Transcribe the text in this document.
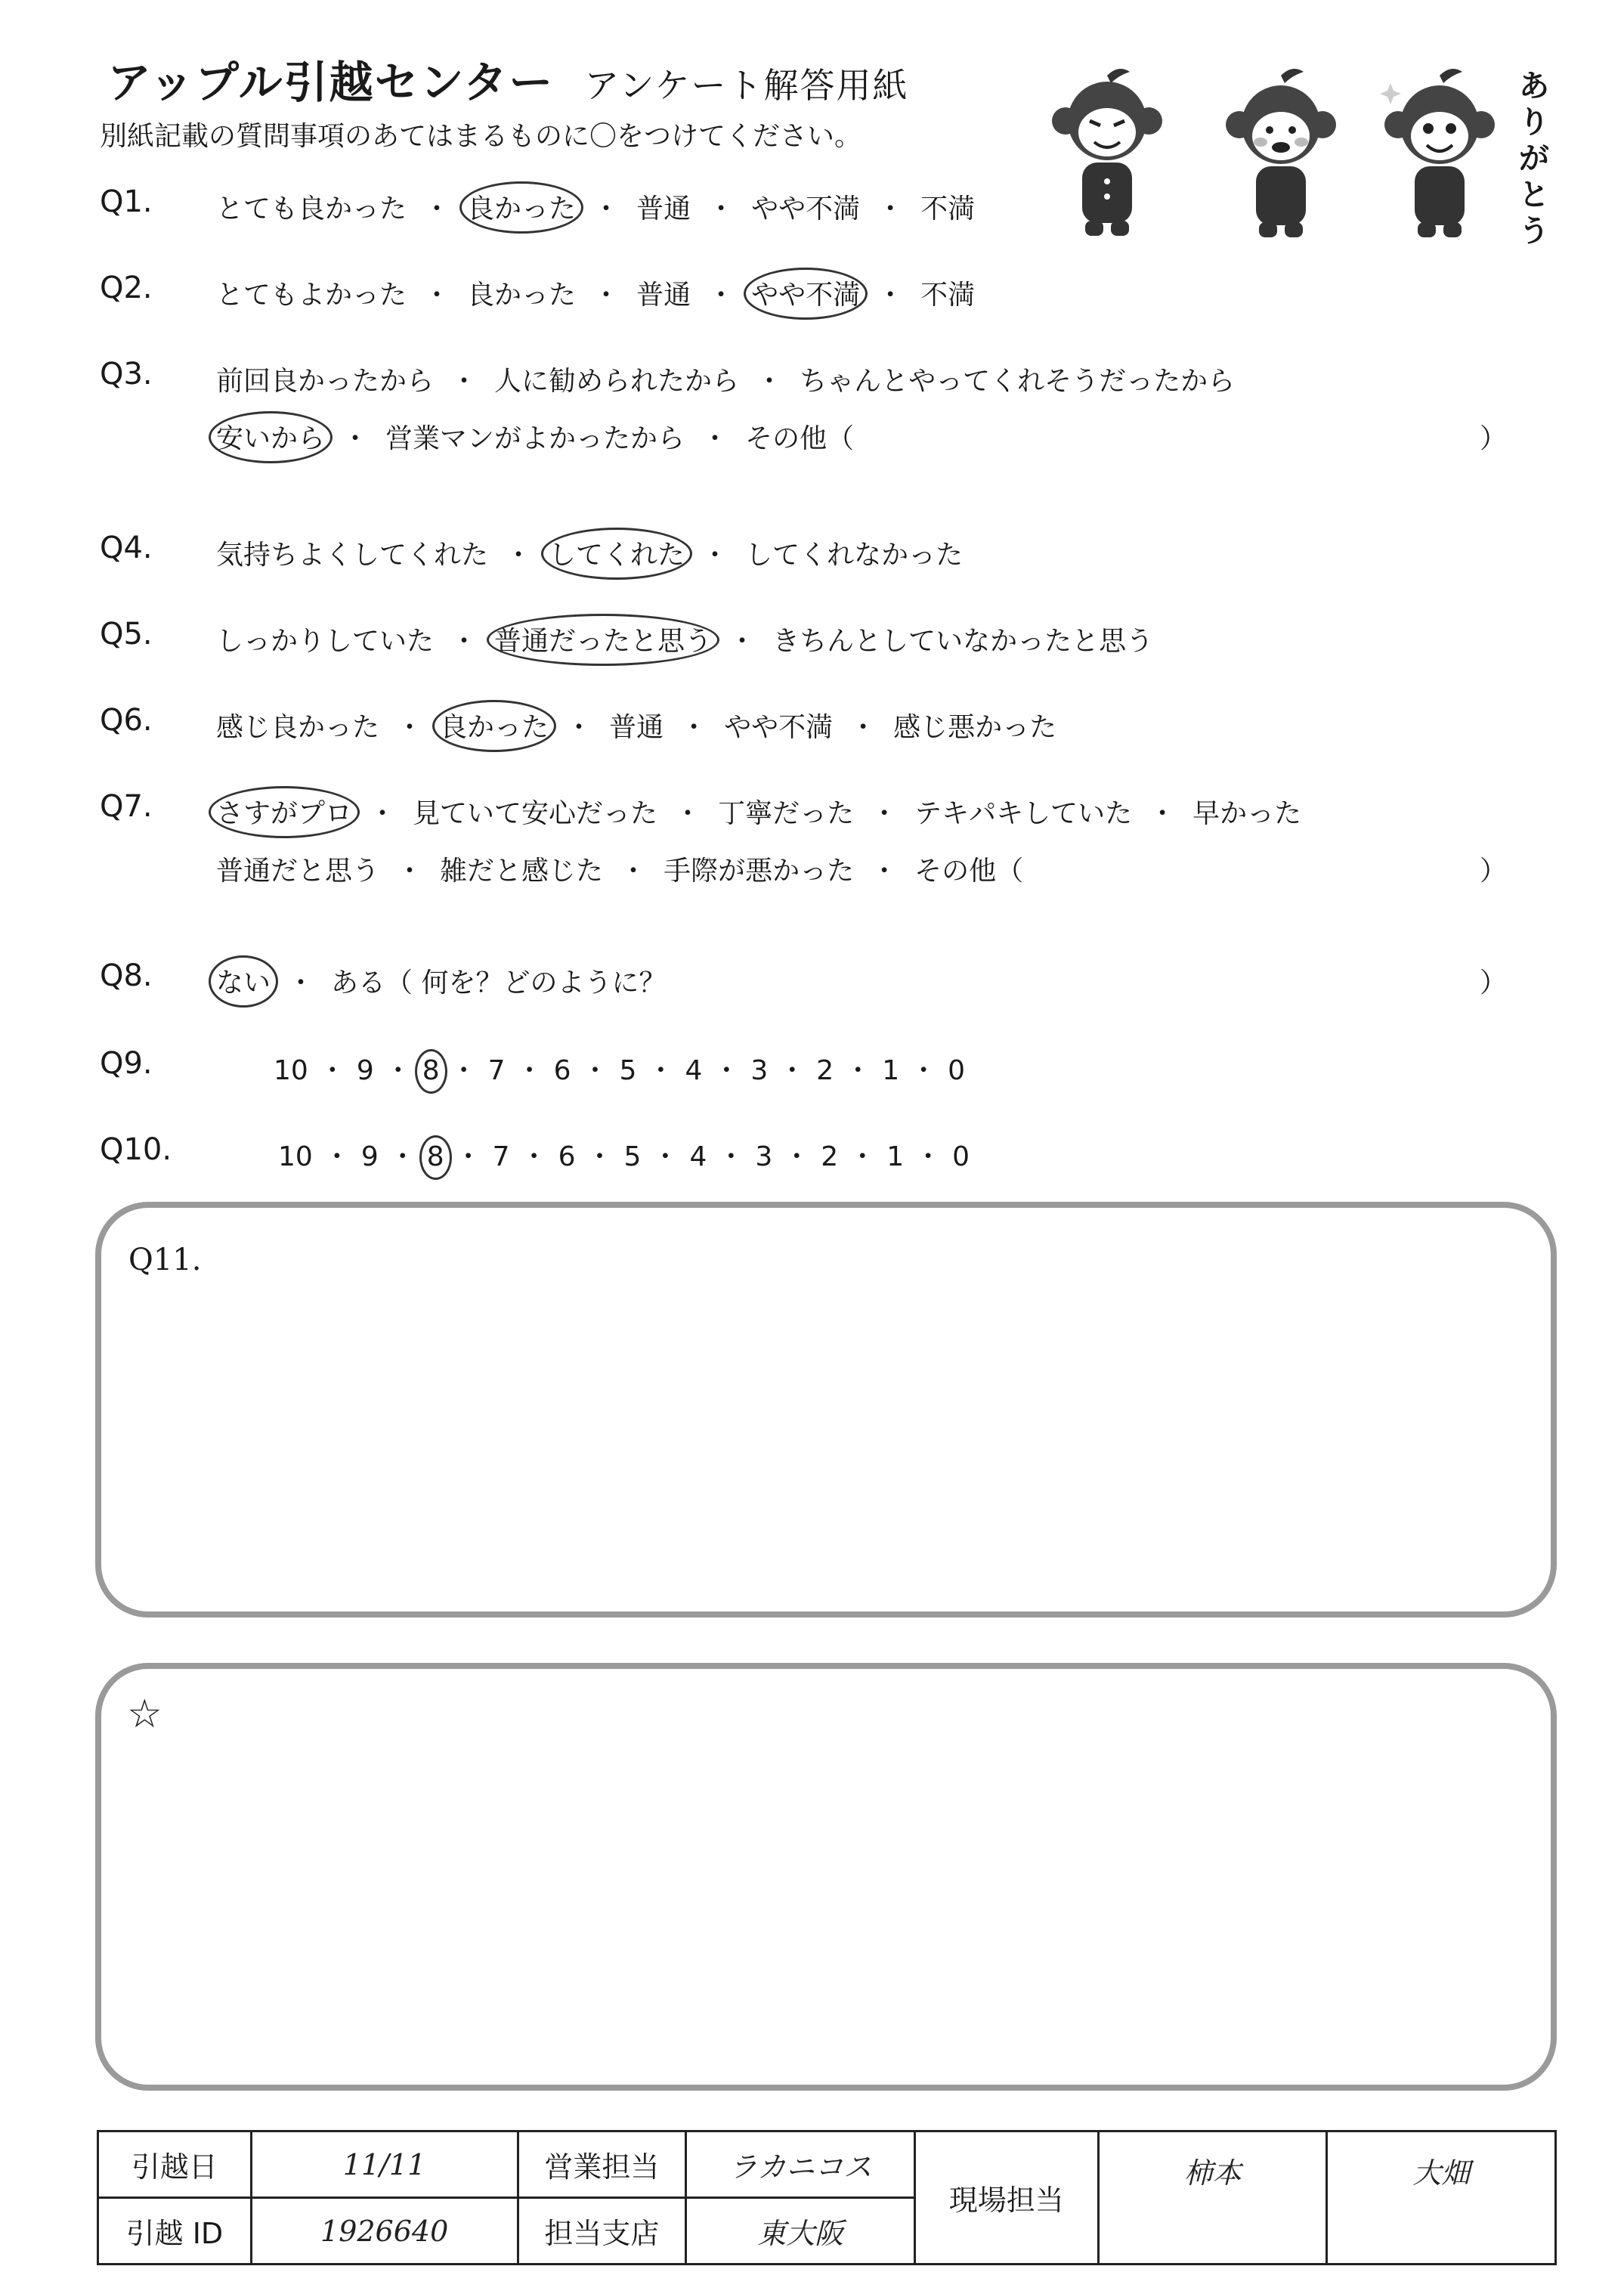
アップル引越センター アンケート解答用紙
別紙記載の質問事項のあてはまるものに〇をつけてください。
ありがとう
Q1. とても良かった ・ 良かった ・ 普通 ・ やや不満 ・ 不満
Q2. とてもよかった ・ 良かった ・ 普通 ・ やや不満 ・ 不満
Q3. 前回良かったから ・ 人に勧められたから ・ ちゃんとやってくれそうだったから
安いから ・ 営業マンがよかったから ・ その他（	）
Q4. 気持ちよくしてくれた ・ してくれた ・ してくれなかった
Q5. しっかりしていた ・ 普通だったと思う ・ きちんとしていなかったと思う
Q6. 感じ良かった ・ 良かった ・ 普通 ・ やや不満 ・ 感じ悪かった
Q7. さすがプロ ・ 見ていて安心だった ・ 丁寧だった ・ テキパキしていた ・ 早かった
普通だと思う ・ 雑だと感じた ・ 手際が悪かった ・ その他（	）
Q8. ない ・ ある（ 何を？どのように？	）
Q9.	10 ・ 9 ・ 8 ・ 7 ・ 6 ・ 5 ・ 4 ・ 3 ・ 2 ・ 1 ・ 0
Q10.	10 ・ 9 ・ 8 ・ 7 ・ 6 ・ 5 ・ 4 ・ 3 ・ 2 ・ 1 ・ 0
Q11.
☆
引越日	11/11	営業担当	ラカニコス	現場担当	柿本	大畑
引越 ID	1926640	担当支店	東大阪			
